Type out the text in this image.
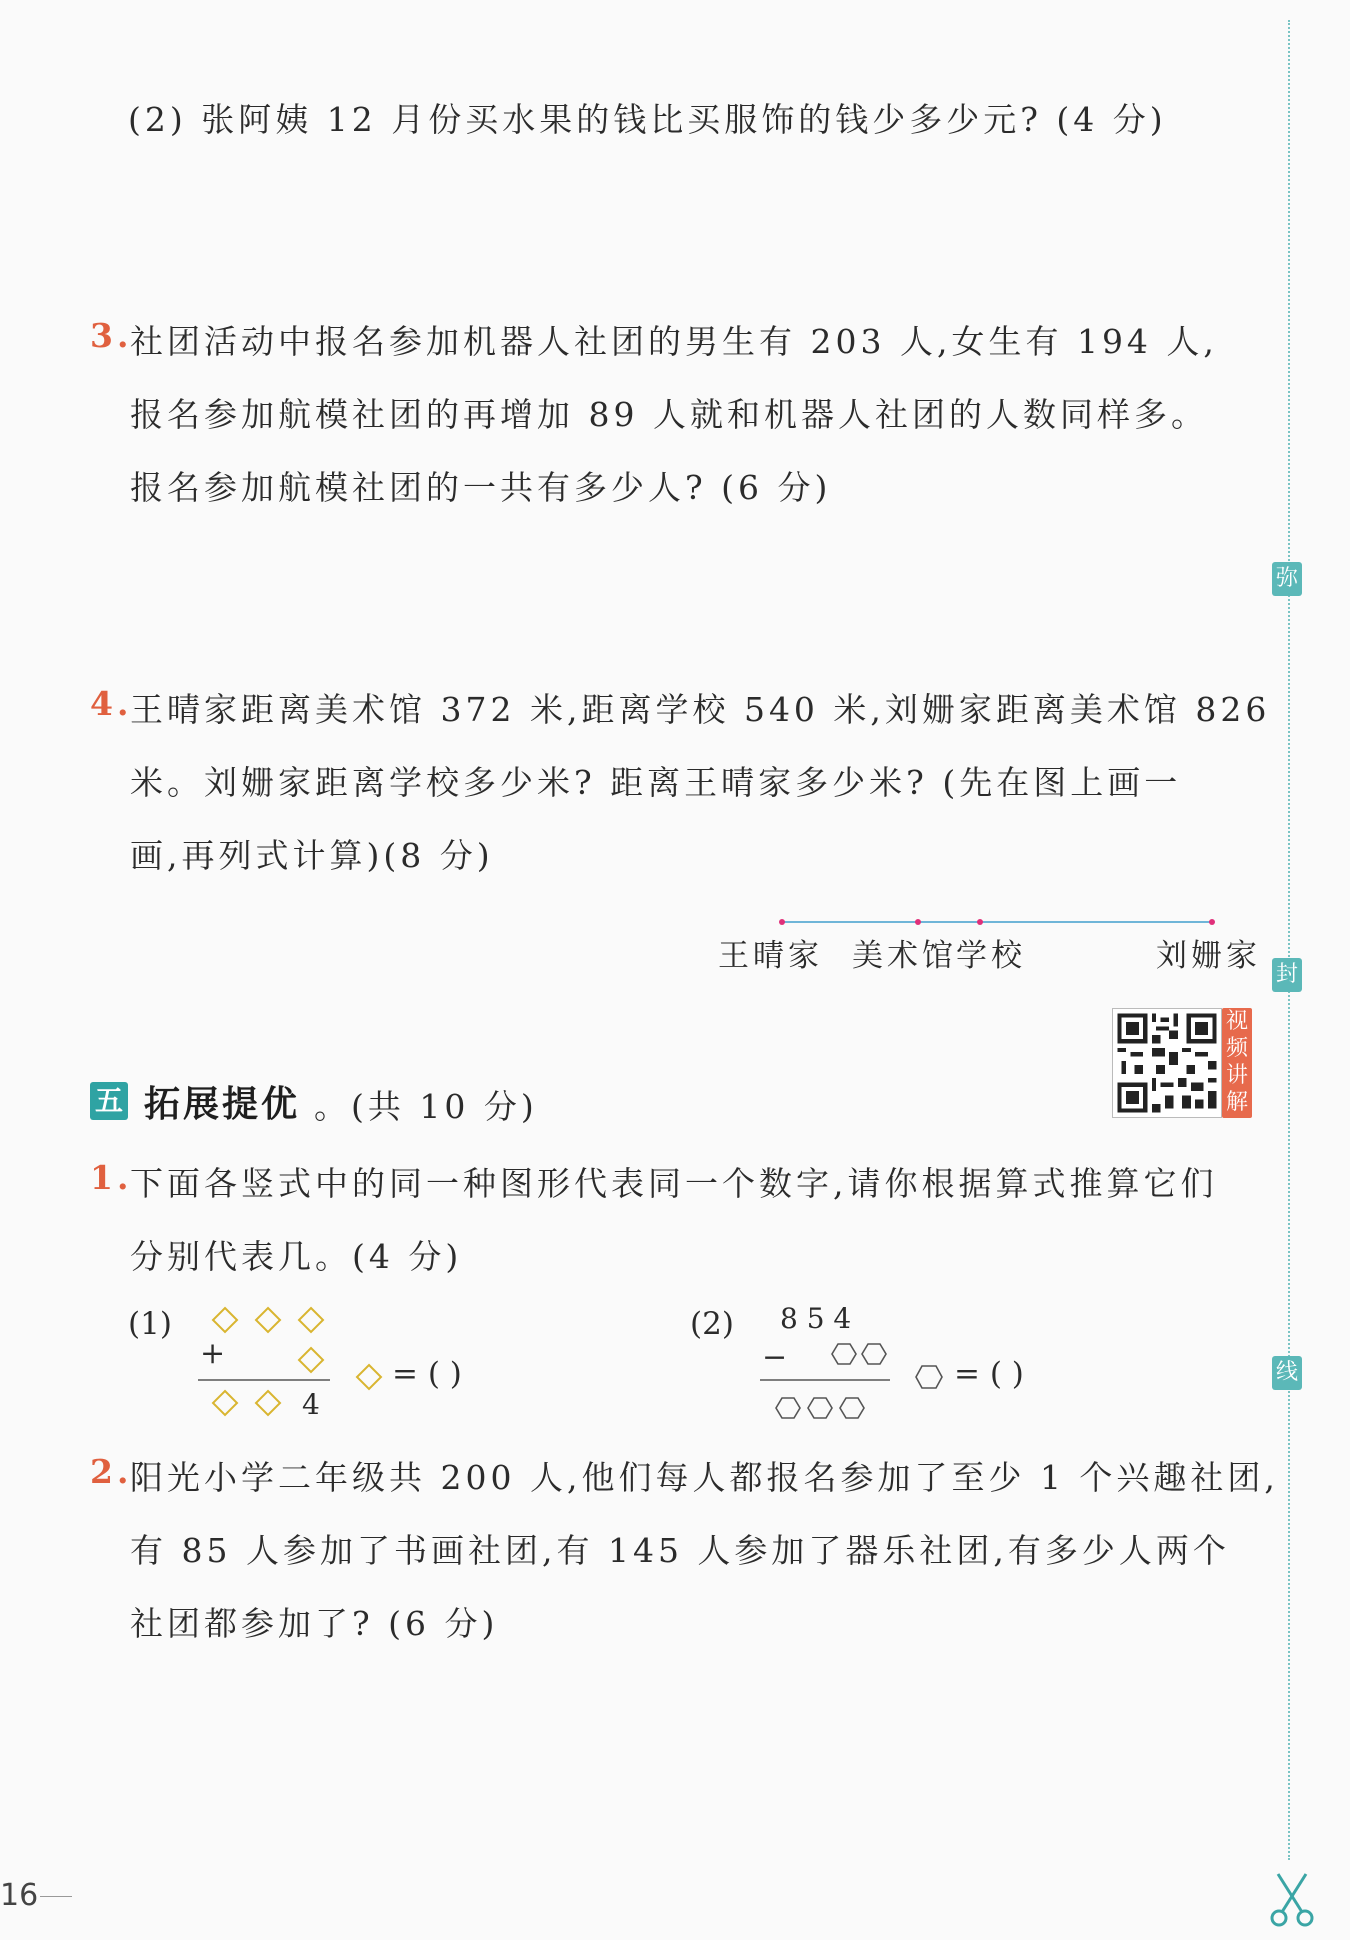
(2) 张阿姨 12 月份买水果的钱比买服饰的钱少多少元? (4 分)
3.
社团活动中报名参加机器人社团的男生有 203 人,女生有 194 人,
报名参加航模社团的再增加 89 人就和机器人社团的人数同样多。
报名参加航模社团的一共有多少人? (6 分)
4.
王晴家距离美术馆 372 米,距离学校 540 米,刘姗家距离美术馆 826
米。刘姗家距离学校多少米? 距离王晴家多少米? (先在图上画一
画,再列式计算)(8 分)
王晴家 美术馆 学校	刘姗家
视
频
讲
解
五 拓展提优 。(共 10 分)
1.
下面各竖式中的同一种图形代表同一个数字,请你根据算式推算它们
分别代表几。(4 分)
(1)
+
4
= ( )
(2) 8 5 4
−	= ( )
2.
阳光小学二年级共 200 人,他们每人都报名参加了至少 1 个兴趣社团,
有 85 人参加了书画社团,有 145 人参加了器乐社团,有多少人两个
社团都参加了? (6 分)
弥
封
线
16
